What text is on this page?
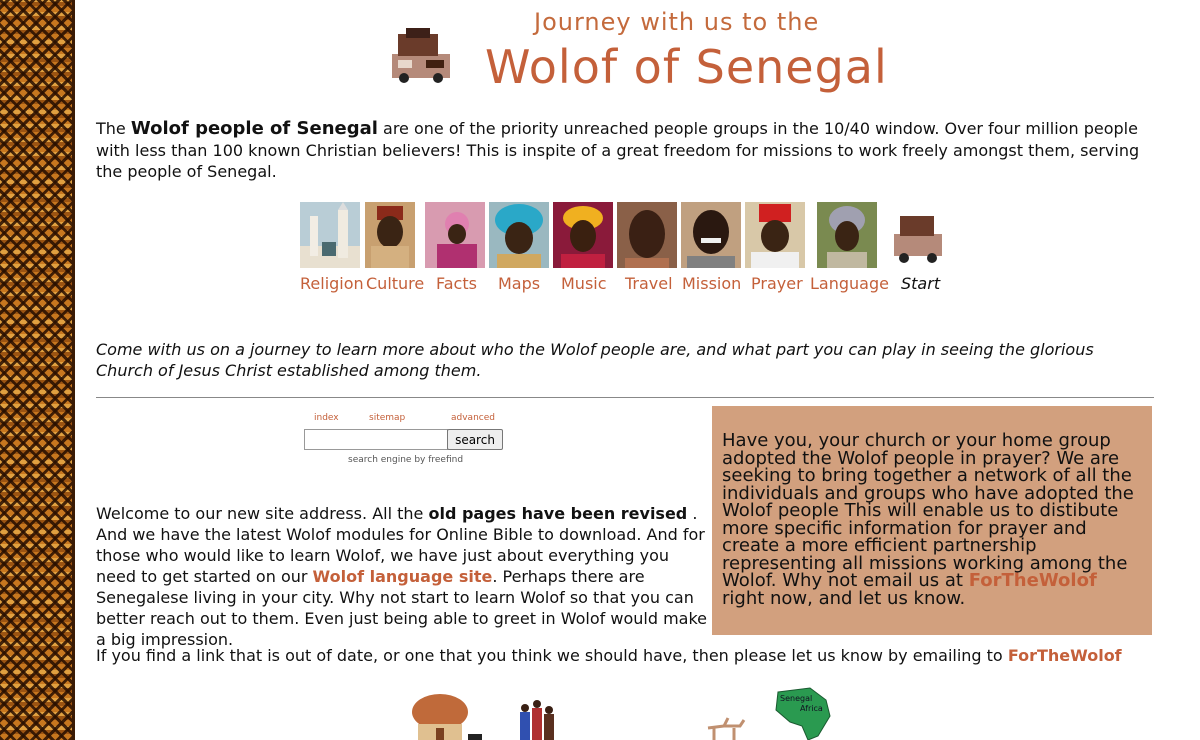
Journey with us to the
Wolof of Senegal
The Wolof people of Senegal are one of the priority unreached people groups in the 10/40 window. Over four million people with less than 100 known Christian believers! This is inspite of a great freedom for missions to work freely amongst them, serving the people of Senegal.
Religion Culture Facts Maps Music Travel Mission Prayer Language Start
Come with us on a journey to learn more about who the Wolof people are, and what part you can play in seeing the glorious Church of Jesus Christ established among them.
index	sitemap	advanced
search
search engine by freefind
Welcome to our new site address. All the old pages have been revised . And we have the latest Wolof modules for Online Bible to download. And for those who would like to learn Wolof, we have just about everything you need to get started on our Wolof language site. Perhaps there are Senegalese living in your city. Why not start to learn Wolof so that you can better reach out to them. Even just being able to greet in Wolof would make a big impression.
Have you, your church or your home group adopted the Wolof people in prayer? We are seeking to bring together a network of all the individuals and groups who have adopted the Wolof people This will enable us to distibute more specific information for prayer and create a more efficient partnership representing all missions working among the Wolof. Why not email us at ForTheWolof right now, and let us know.
If you find a link that is out of date, or one that you think we should have, then please let us know by emailing to ForTheWolof
Senegal
Africa
